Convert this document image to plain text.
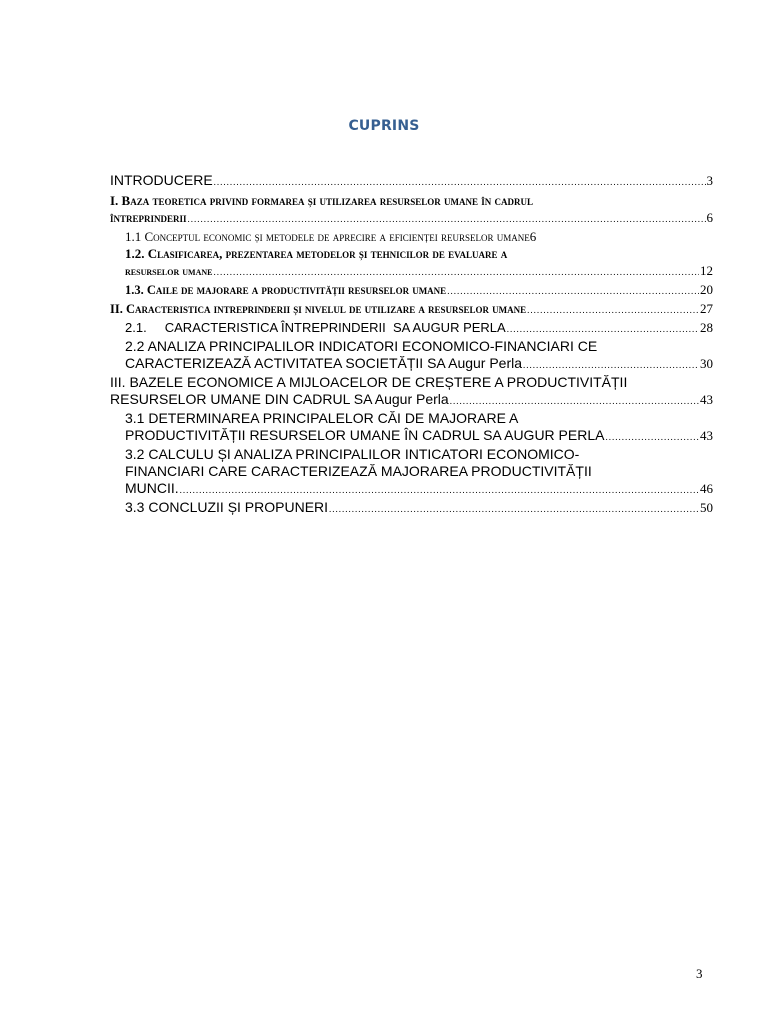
CUPRINS
INTRODUCERE .....	3
I. Baza teoretica privind formarea și utilizarea resurselor umane în cadrul
întreprinderii .....	6
1.1 Conceptul economic și metodele de aprecire a eficienței reurselor umane 6
1.2. Clasificarea, prezentarea metodelor și tehnicilor de evaluare a
resurselor umane .....	12
1.3. Caile de majorare a productivității resurselor umane .....	20
II. Caracteristica intreprinderii și nivelul de utilizare a resurselor umane .....	27
2.1.     CARACTERISTICA ÎNTREPRINDERII  SA AUGUR PERLA .....	28
2.2 ANALIZA PRINCIPALILOR INDICATORI ECONOMICO-FINANCIARI CE
CARACTERIZEAZĂ ACTIVITATEA SOCIETĂȚII SA Augur Perla .....	30
III. BAZELE ECONOMICE A MIJLOACELOR DE CREȘTERE A PRODUCTIVITĂȚII
RESURSELOR UMANE DIN CADRUL SA Augur Perla .....	43
3.1 DETERMINAREA PRINCIPALELOR CĂI DE MAJORARE A
PRODUCTIVITĂȚII RESURSELOR UMANE ÎN CADRUL SA AUGUR PERLA .....	43
3.2 CALCULU ȘI ANALIZA PRINCIPALILOR INTICATORI ECONOMICO-
FINANCIARI CARE CARACTERIZEAZĂ MAJORAREA PRODUCTIVITĂȚII
MUNCII. .....	46
3.3 CONCLUZII ȘI PROPUNERI .....	50
3
